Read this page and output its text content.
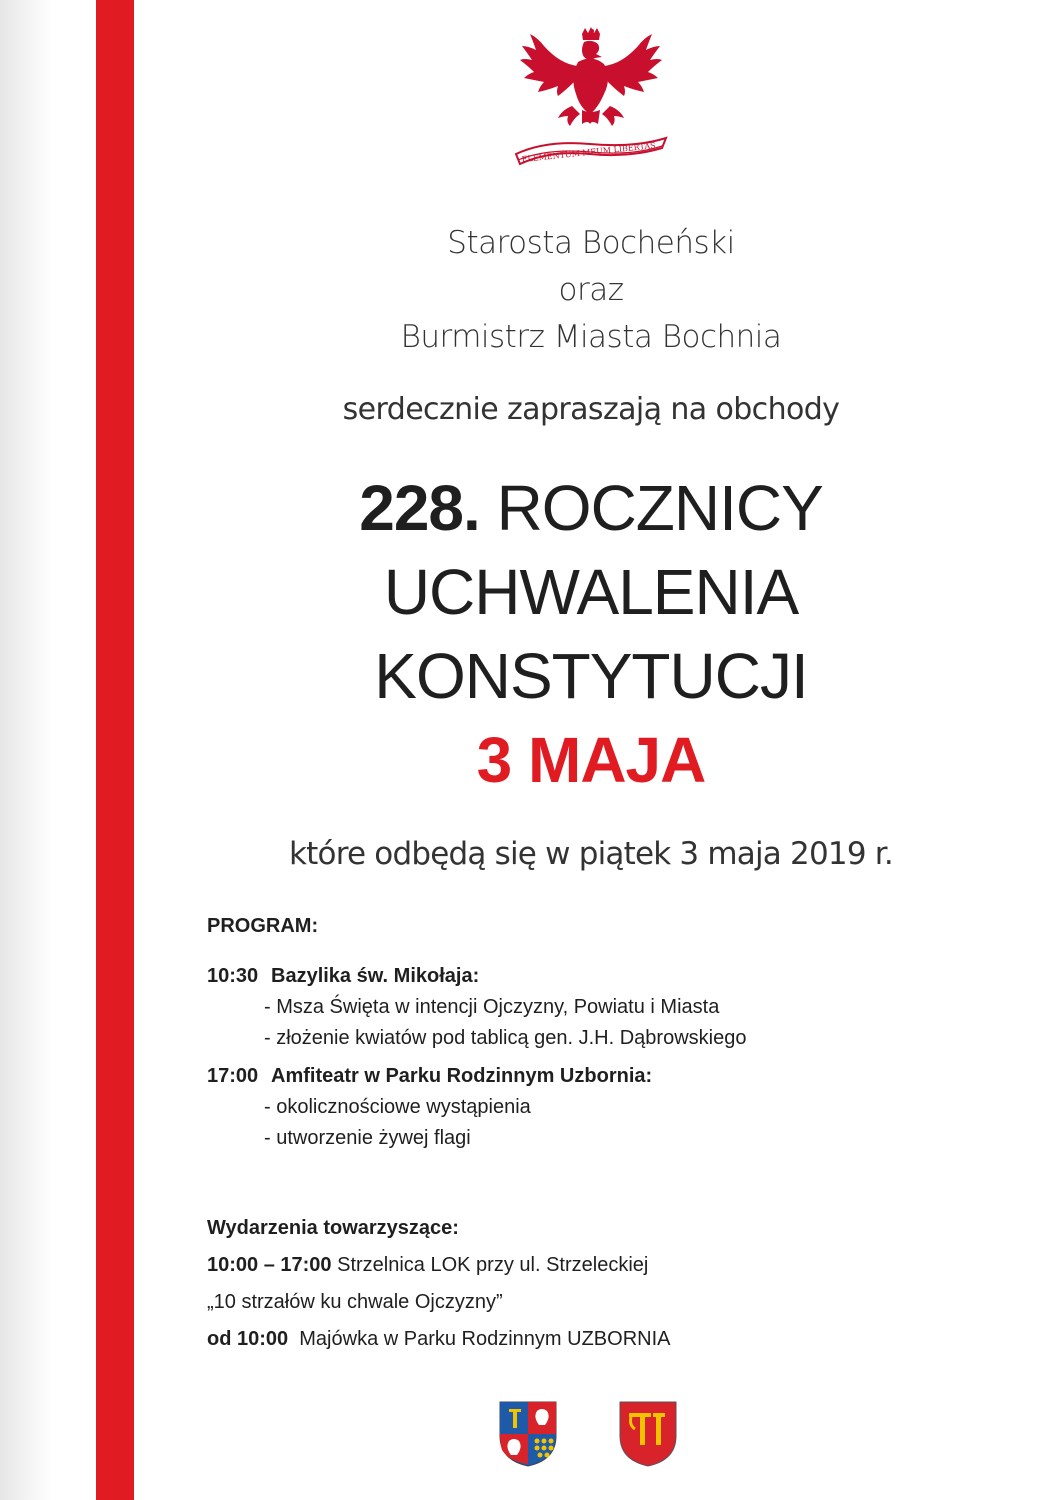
ELEMENTUM MEUM LIBERTAS
Starosta Bocheński
oraz
Burmistrz Miasta Bochnia
serdecznie zapraszają na obchody
228. ROCZNICY
UCHWALENIA
KONSTYTUCJI
3 MAJA
które odbędą się w piątek 3 maja 2019 r.
PROGRAM:
10:30 Bazylika św. Mikołaja:
- Msza Święta w intencji Ojczyzny, Powiatu i Miasta
- złożenie kwiatów pod tablicą gen. J.H. Dąbrowskiego
17:00 Amfiteatr w Parku Rodzinnym Uzbornia:
- okolicznościowe wystąpienia
- utworzenie żywej flagi
Wydarzenia towarzyszące:
10:00 – 17:00 Strzelnica LOK przy ul. Strzeleckiej
„10 strzałów ku chwale Ojczyzny”
od 10:00  Majówka w Parku Rodzinnym UZBORNIA
